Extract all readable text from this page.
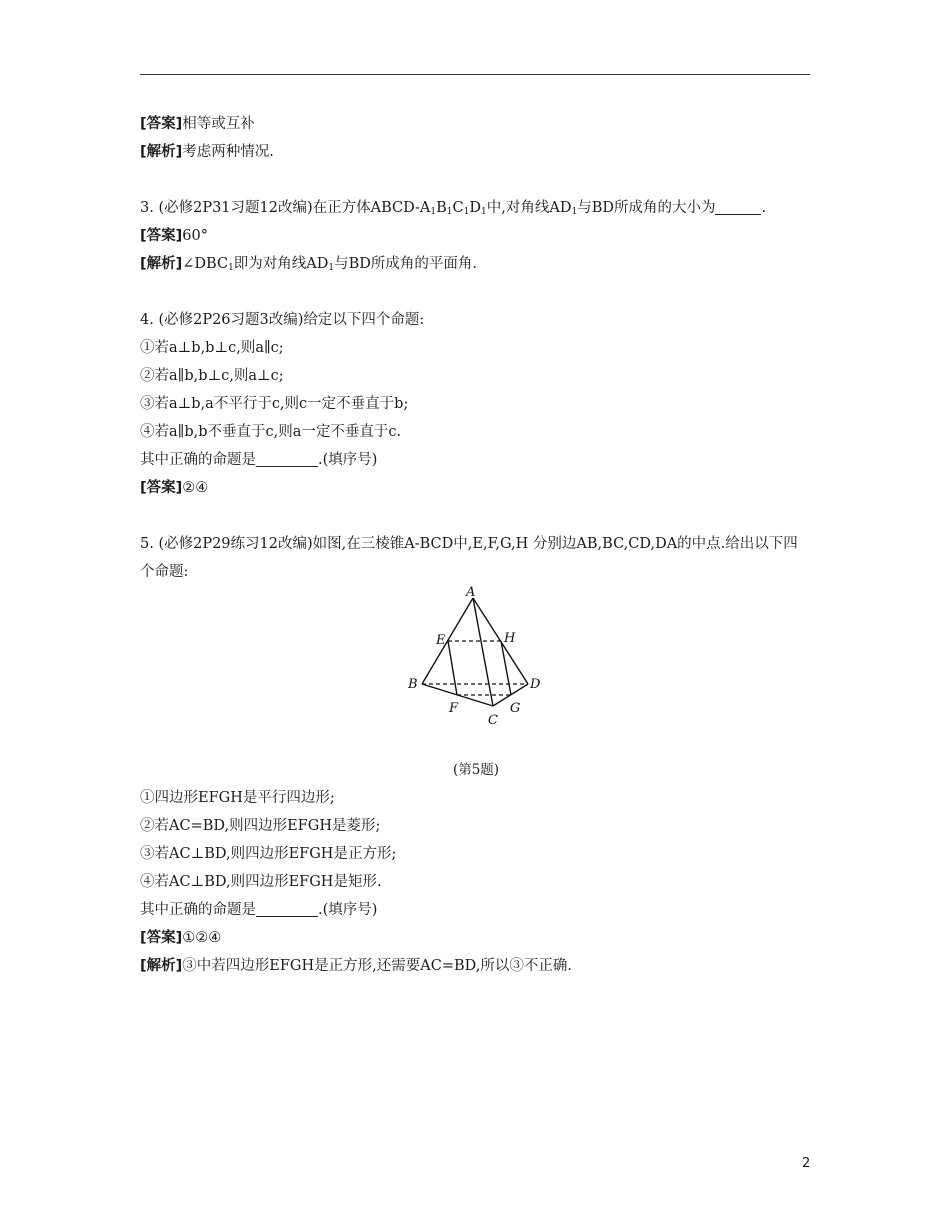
[答案]相等或互补
[解析]考虑两种情况.
3. (必修2P31习题12改编)在正方体ABCD-$A_1B_1C_1D_1$中,对角线$AD_1$与BD所成角的大小为	.
[答案]60°
[解析]$\angle DBC_1$即为对角线$AD_1$与BD所成角的平面角.
4. (必修2P26习题3改编)给定以下四个命题:
①若a⊥b,b⊥c,则a∥c;
②若a∥b,b⊥c,则a⊥c;
③若a⊥b,a不平行于c,则c一定不垂直于b;
④若a∥b,b不垂直于c,则a一定不垂直于c.
其中正确的命题是	.(填序号)
[答案]②④
5. (必修2P29练习12改编)如图,在三棱锥A-BCD中,E,F,G,H 分别边AB,BC,CD,DA的中点.给出以下四个命题:
A
B
C
D
E
F	G
H
(第5题)
①四边形EFGH是平行四边形;
②若AC=BD,则四边形EFGH是菱形;
③若AC⊥BD,则四边形EFGH是正方形;
④若AC⊥BD,则四边形EFGH是矩形.
其中正确的命题是	.(填序号)
[答案]①②④
[解析]③中若四边形EFGH是正方形,还需要AC=BD,所以③不正确.
2
